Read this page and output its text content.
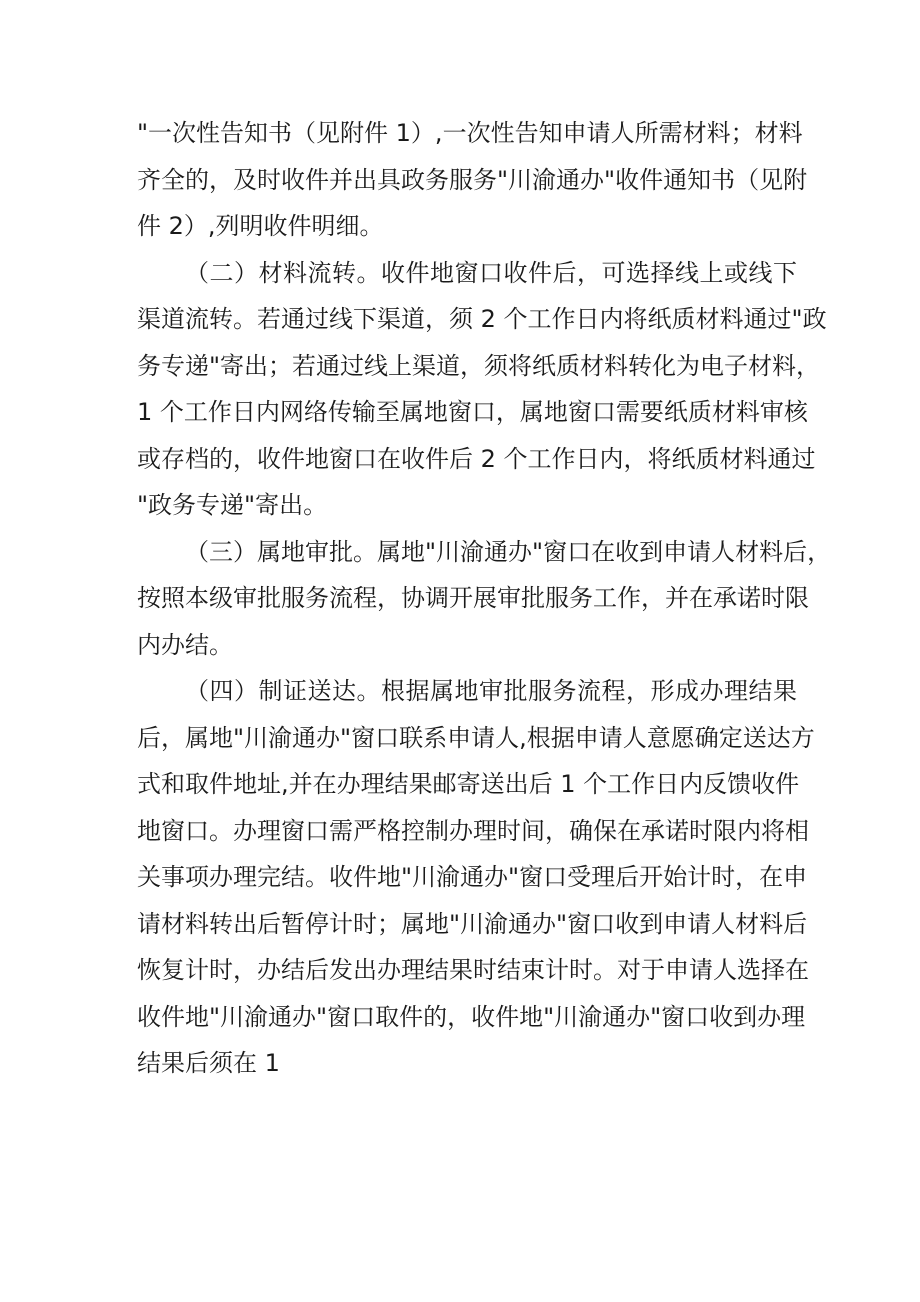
"一次性告知书（见附件 1）,一次性告知申请人所需材料；材料
齐全的，及时收件并出具政务服务"川渝通办"收件通知书（见附
件 2）,列明收件明细。
（二）材料流转。收件地窗口收件后，可选择线上或线下
渠道流转。若通过线下渠道，须 2 个工作日内将纸质材料通过"政
务专递"寄出；若通过线上渠道，须将纸质材料转化为电子材料，
1 个工作日内网络传输至属地窗口，属地窗口需要纸质材料审核
或存档的，收件地窗口在收件后 2 个工作日内，将纸质材料通过
"政务专递"寄出。
（三）属地审批。属地"川渝通办"窗口在收到申请人材料后，
按照本级审批服务流程，协调开展审批服务工作，并在承诺时限
内办结。
（四）制证送达。根据属地审批服务流程，形成办理结果
后，属地"川渝通办"窗口联系申请人,根据申请人意愿确定送达方
式和取件地址,并在办理结果邮寄送出后 1 个工作日内反馈收件
地窗口。办理窗口需严格控制办理时间，确保在承诺时限内将相
关事项办理完结。收件地"川渝通办"窗口受理后开始计时，在申
请材料转出后暂停计时；属地"川渝通办"窗口收到申请人材料后
恢复计时，办结后发出办理结果时结束计时。对于申请人选择在
收件地"川渝通办"窗口取件的，收件地"川渝通办"窗口收到办理
结果后须在 1
